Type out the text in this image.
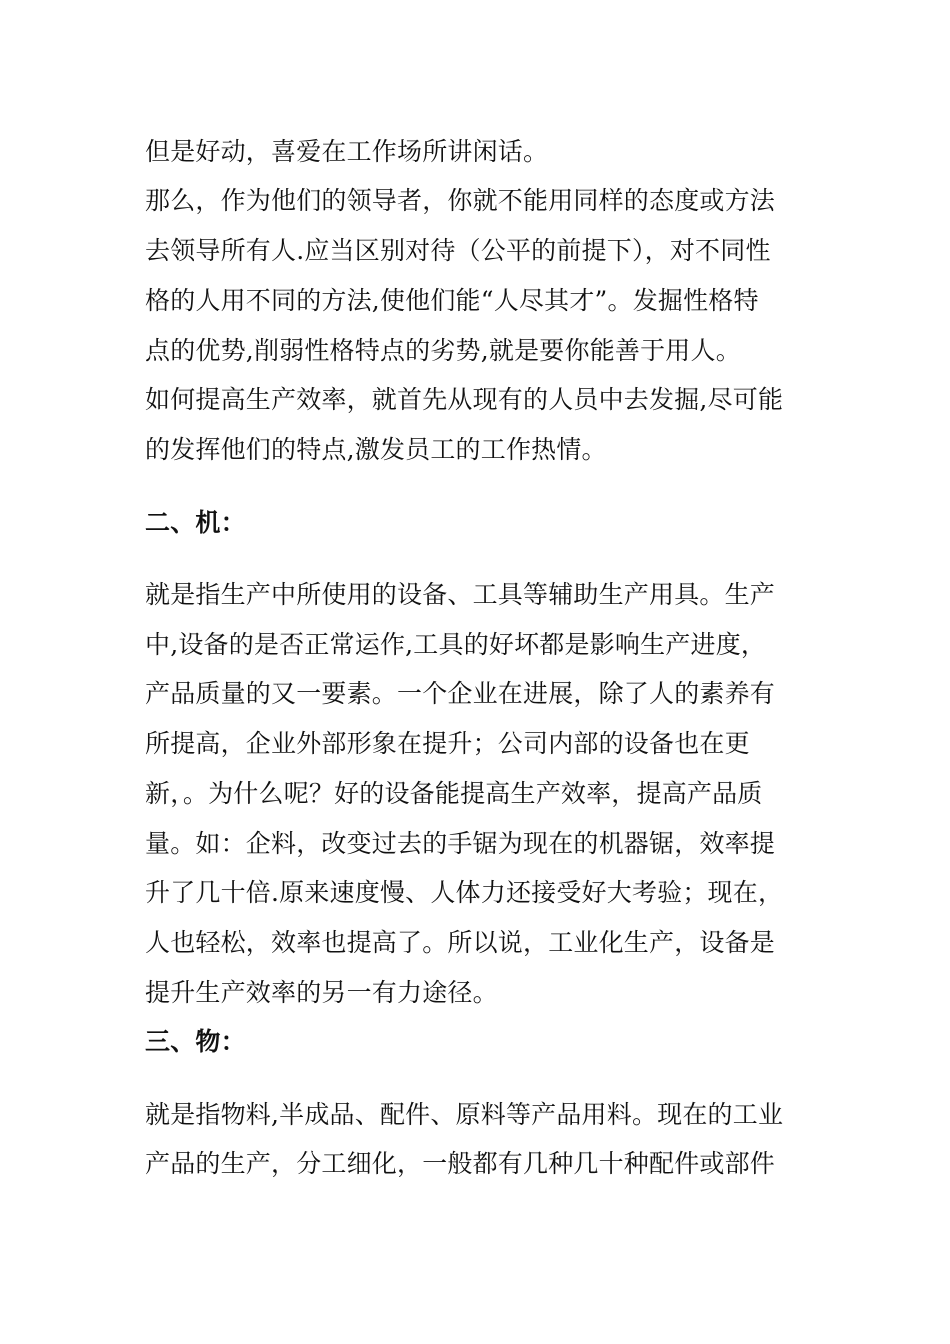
但是好动，喜爱在工作场所讲闲话。
那么，作为他们的领导者，你就不能用同样的态度或方法
去领导所有人.应当区别对待（公平的前提下），对不同性
格的人用不同的方法,使他们能“人尽其才”。发掘性格特
点的优势,削弱性格特点的劣势,就是要你能善于用人。
如何提高生产效率，就首先从现有的人员中去发掘,尽可能
的发挥他们的特点,激发员工的工作热情。
二、机：
就是指生产中所使用的设备、工具等辅助生产用具。生产
中,设备的是否正常运作,工具的好坏都是影响生产进度，
产品质量的又一要素。一个企业在进展，除了人的素养有
所提高，企业外部形象在提升；公司内部的设备也在更
新，。为什么呢？好的设备能提高生产效率，提高产品质
量。如：企料，改变过去的手锯为现在的机器锯，效率提
升了几十倍.原来速度慢、人体力还接受好大考验；现在，
人也轻松，效率也提高了。所以说，工业化生产，设备是
提升生产效率的另一有力途径。
三、物：
就是指物料,半成品、配件、原料等产品用料。现在的工业
产品的生产，分工细化，一般都有几种几十种配件或部件
